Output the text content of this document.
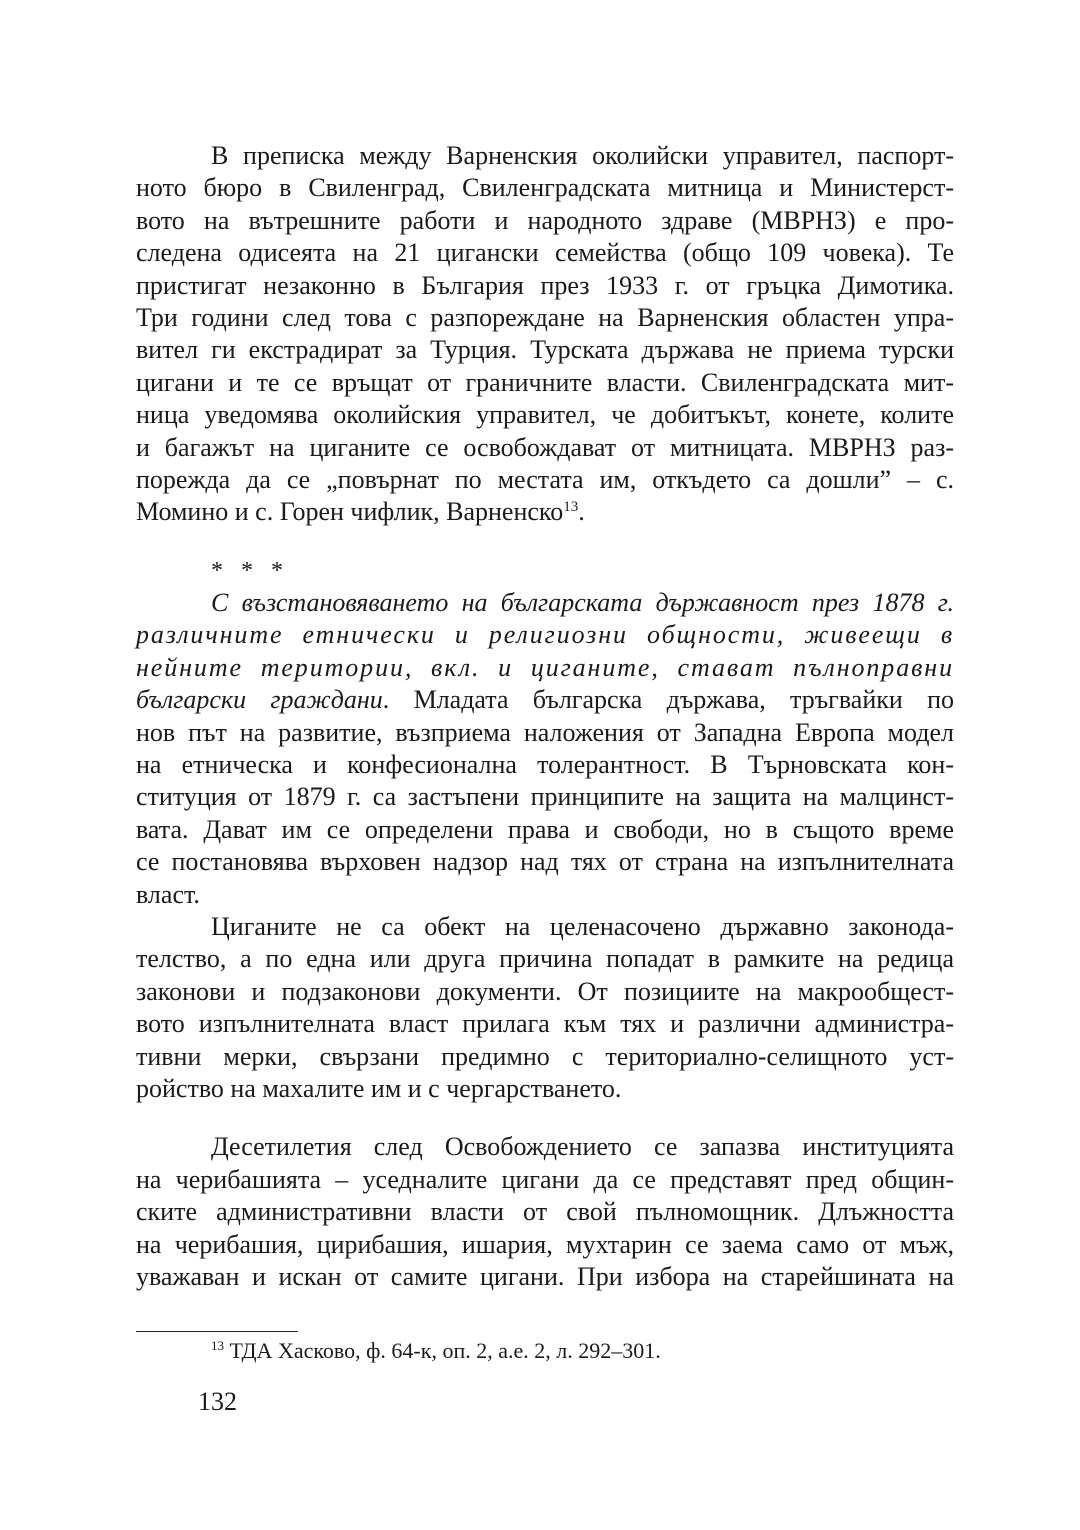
В преписка между Варненския околийски управител, паспорт-
ното бюро в Свиленград, Свиленградската митница и Министерст-
вото на вътрешните работи и народното здраве (МВРНЗ) е про-
следена одисеята на 21 цигански семейства (общо 109 човека). Те
пристигат незаконно в България през 1933 г. от гръцка Димотика.
Три години след това с разпореждане на Варненския областен упра-
вител ги екстрадират за Турция. Турската държава не приема турски
цигани и те се връщат от граничните власти. Свиленградската мит-
ница уведомява околийския управител, че добитъкът, конете, колите
и багажът на циганите се освобождават от митницата. МВРНЗ раз-
порежда да се „повърнат по местата им, откъдето са дошли” – с.
Момино и с. Горен чифлик, Варненско$^{13}$.
* * *
С възстановяването на българската държавност през 1878 г.
различните етнически и религиозни общности, живеещи в
нейните територии, вкл. и циганите, стават пълноправни
български граждани. Младата българска държава, тръгвайки по
нов път на развитие, възприема наложения от Западна Европа модел
на етническа и конфесионална толерантност. В Търновската кон-
ституция от 1879 г. са застъпени принципите на защита на малцинст-
вата. Дават им се определени права и свободи, но в същото време
се постановява върховен надзор над тях от страна на изпълнителната
власт.
Циганите не са обект на целенасочено държавно законода-
телство, а по една или друга причина попадат в рамките на редица
законови и подзаконови документи. От позициите на макрообщест-
вото изпълнителната власт прилага към тях и различни администра-
тивни мерки, свързани предимно с териториално-селищното уст-
ройство на махалите им и с чергарстването.
Десетилетия след Освобождението се запазва институцията
на черибашията – уседналите цигани да се представят пред общин-
ските административни власти от свой пълномощник. Длъжността
на черибашия, цирибашия, ишария, мухтарин се заема само от мъж,
уважаван и искан от самите цигани. При избора на старейшината на
$^{13}$ ТДА Хасково, ф. 64-к, оп. 2, а.е. 2, л. 292–301.
132
